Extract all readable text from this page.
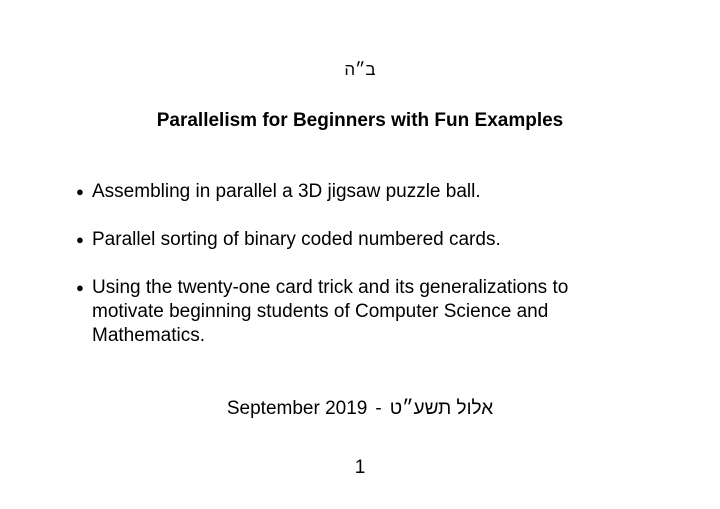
ב״ה
Parallelism for Beginners with Fun Examples
● Assembling in parallel a 3D jigsaw puzzle ball.
● Parallel sorting of binary coded numbered cards.
● Using the twenty-one card trick and its generalizations to motivate beginning students of Computer Science and Mathematics.
September 2019 - אלול תשע״ט
1
